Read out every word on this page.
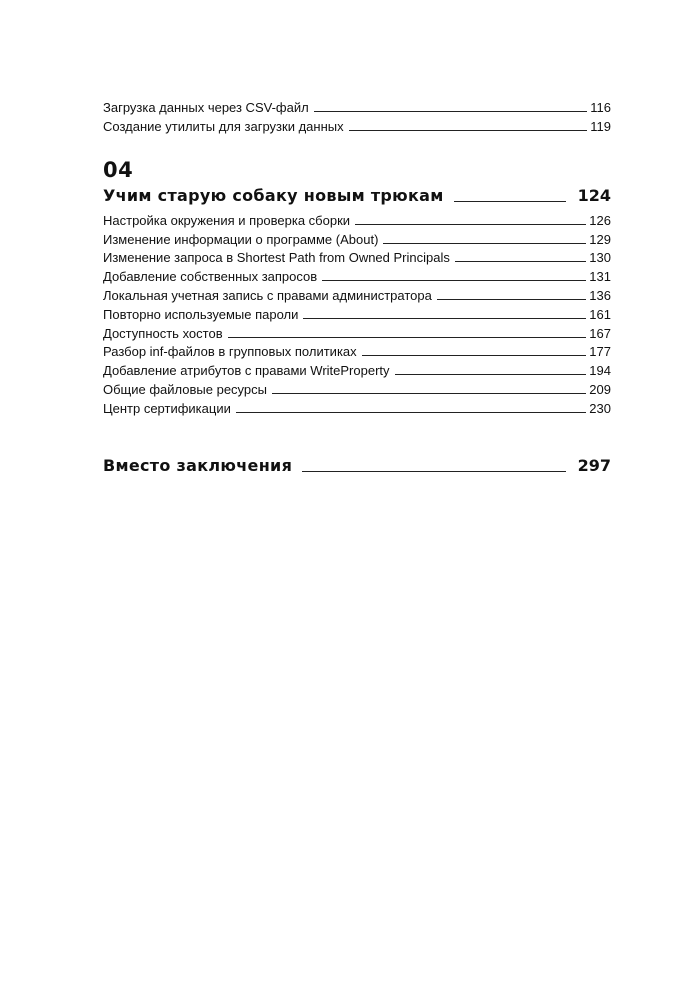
Загрузка данных через CSV-файл	116
Создание утилиты для загрузки данных	119
04
Учим старую собаку новым трюкам	124
Настройка окружения и проверка сборки	126
Изменение информации о программе (About)	129
Изменение запроса в Shortest Path from Owned Principals	130
Добавление собственных запросов	131
Локальная учетная запись с правами администратора	136
Повторно используемые пароли	161
Доступность хостов	167
Разбор inf-файлов в групповых политиках	177
Добавление атрибутов с правами WriteProperty	194
Общие файловые ресурсы	209
Центр сертификации	230
Вместо заключения	297
